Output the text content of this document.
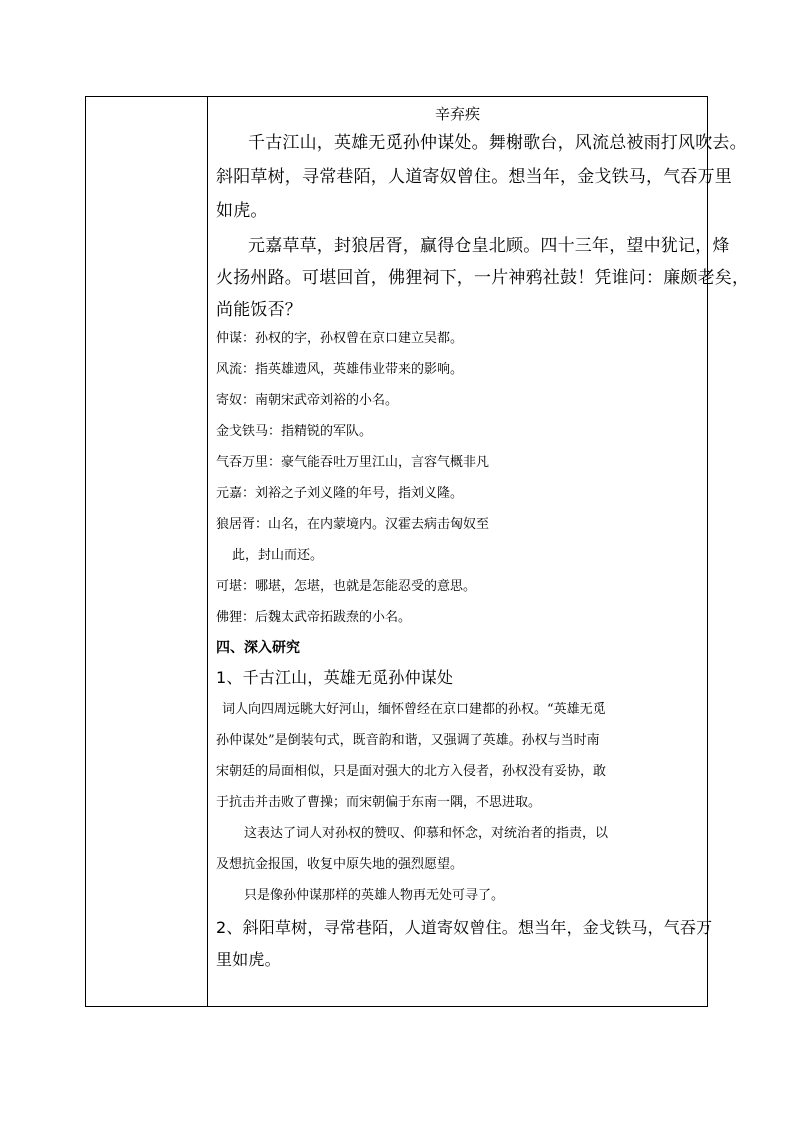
辛弃疾
千古江山，英雄无觅孙仲谋处。舞榭歌台，风流总被雨打风吹去。
斜阳草树，寻常巷陌，人道寄奴曾住。想当年，金戈铁马，气吞万里
如虎。
元嘉草草，封狼居胥，赢得仓皇北顾。四十三年，望中犹记，烽
火扬州路。可堪回首，佛狸祠下，一片神鸦社鼓！凭谁问：廉颇老矣，
尚能饭否？
仲谋：孙权的字，孙权曾在京口建立吴都。
风流：指英雄遗风，英雄伟业带来的影响。
寄奴：南朝宋武帝刘裕的小名。
金戈铁马：指精锐的军队。
气吞万里：豪气能吞吐万里江山，言容气概非凡
元嘉：刘裕之子刘义隆的年号，指刘义隆。
狼居胥：山名，在内蒙境内。汉霍去病击匈奴至
此，封山而还。
可堪：哪堪，怎堪，也就是怎能忍受的意思。
佛狸：后魏太武帝拓跋焘的小名。
四、深入研究
1、千古江山，英雄无觅孙仲谋处
词人向四周远眺大好河山，缅怀曾经在京口建都的孙权。“英雄无觅
孙仲谋处”是倒装句式，既音韵和谐，又强调了英雄。孙权与当时南
宋朝廷的局面相似，只是面对强大的北方入侵者，孙权没有妥协，敢
于抗击并击败了曹操；而宋朝偏于东南一隅，不思进取。
这表达了词人对孙权的赞叹、仰慕和怀念，对统治者的指责，以
及想抗金报国，收复中原失地的强烈愿望。
只是像孙仲谋那样的英雄人物再无处可寻了。
2、斜阳草树，寻常巷陌，人道寄奴曾住。想当年，金戈铁马，气吞万
里如虎。
